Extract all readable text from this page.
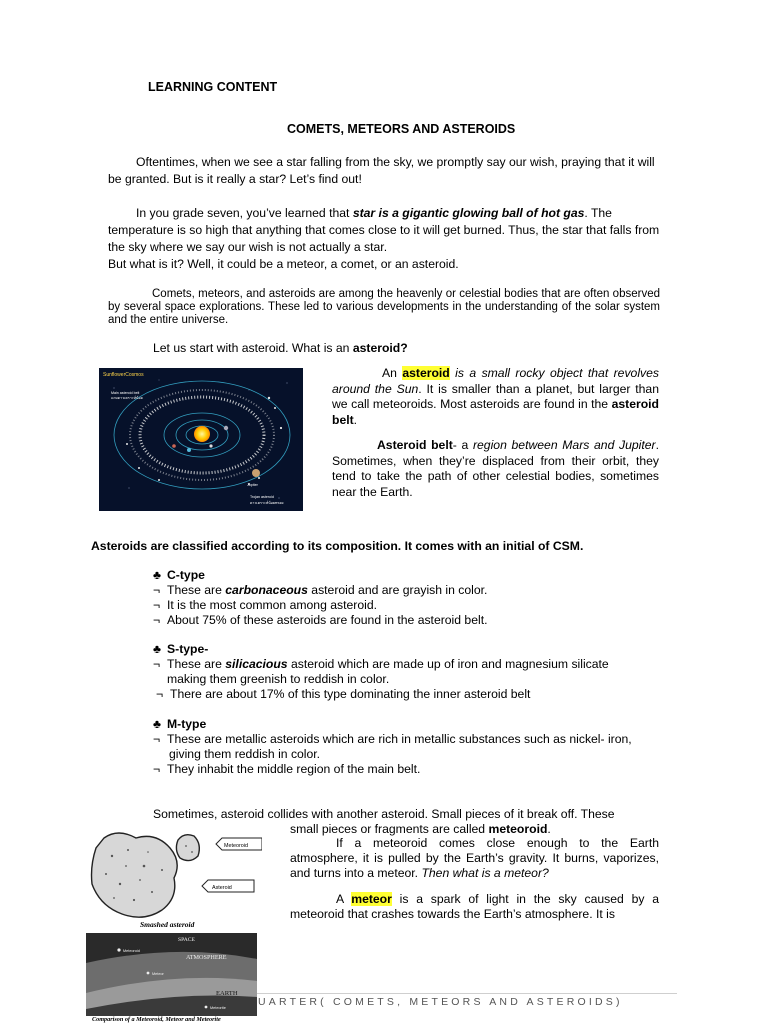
LEARNING CONTENT
COMETS, METEORS AND ASTEROIDS
Oftentimes, when we see a star falling from the sky, we promptly say our wish, praying that it will be granted. But is it really a star? Let’s find out!
In you grade seven, you’ve learned that star is a gigantic glowing ball of hot gas. The temperature is so high that anything that comes close to it will get burned. Thus, the star that falls from the sky where we say our wish is not actually a star.
But what is it? Well, it could be a meteor, a comet, or an asteroid.
Comets, meteors, and asteroids are among the heavenly or celestial bodies that are often observed by several space explorations. These led to various developments in the understanding of the solar system and the entire universe.
Let us start with asteroid. What is an asteroid?
SunflowerCosmos
Main asteroid belt
แถบดาวเคราะห์น้อย
Jupiter
Trojan asteroid
ดาวเคราะห์น้อยทรอย
An asteroid is a small rocky object that revolves around the Sun. It is smaller than a planet, but larger than we call meteoroids. Most asteroids are found in the asteroid belt.
Asteroid belt- a region between Mars and Jupiter. Sometimes, when they’re displaced from their orbit, they tend to take the path of other celestial bodies, sometimes near the Earth.
Asteroids are classified according to its composition. It comes with an initial of CSM.
♣ C-type
¬ These are carbonaceous asteroid and are grayish in color.
¬ It is the most common among asteroid.
¬ About 75% of these asteroids are found in the asteroid belt.
♣ S-type-
¬ These are silicacious asteroid which are made up of iron and magnesium silicate
making them greenish to reddish in color.
¬ There are about 17% of this type dominating the inner asteroid belt
♣ M-type
¬ These are metallic asteroids which are rich in metallic substances such as nickel- iron,
giving them reddish in color.
¬ They inhabit the middle region of the main belt.
Sometimes, asteroid collides with another asteroid. Small pieces of it break off. These
small pieces or fragments are called meteoroid.
If a meteoroid comes close enough to the Earth atmosphere, it is pulled by the Earth’s gravity. It burns, vaporizes, and turns into a meteor. Then what is a meteor?
A meteor is a spark of light in the sky caused by a meteoroid that crashes towards the Earth’s atmosphere. It is
Meteoroid
Asteroid
Smashed asteroid
SPACE
ATMOSPHERE
EARTH
Meteoroid
Meteor
Meteorite
Comparison of a Meteoroid, Meteor and Meteorite
UARTER( COMETS, METEORS AND ASTEROIDS)
